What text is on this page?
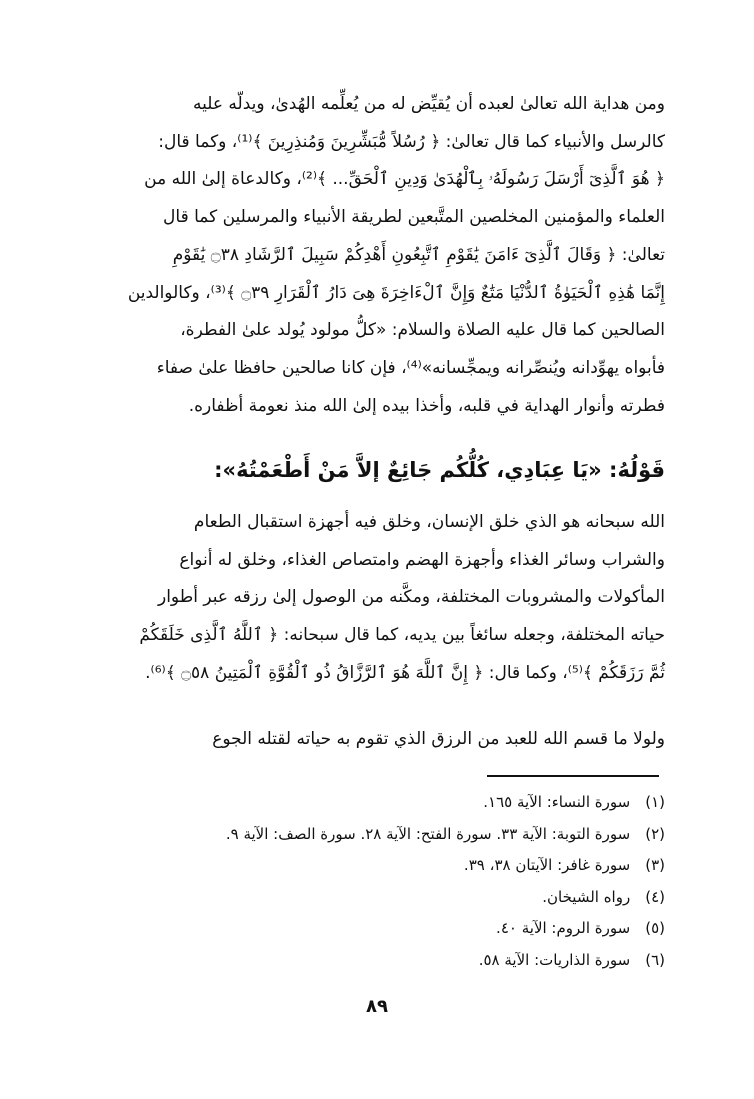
ومن هداية الله تعالىٰ لعبده أن يُقيِّض له من يُعلِّمه الهُدىٰ، ويدلّه عليه
كالرسل والأنبياء كما قال تعالىٰ: ﴿ رُسُلاً مُّبَشِّرِينَ وَمُنذِرِينَ ﴾⁽¹⁾، وكما قال:
﴿ هُوَ ٱلَّذِىٓ أَرْسَلَ رَسُولَهُۥ بِٱلْهُدَىٰ وَدِينِ ٱلْحَقِّ... ﴾⁽²⁾، وكالدعاة إلىٰ الله من
العلماء والمؤمنين المخلصين المتَّبعين لطريقة الأنبياء والمرسلين كما قال
تعالىٰ: ﴿ وَقَالَ ٱلَّذِىٓ ءَامَنَ يَٰقَوْمِ ٱتَّبِعُونِ أَهْدِكُمْ سَبِيلَ ٱلرَّشَادِ ۝٣٨ يَٰقَوْمِ
إِنَّمَا هَٰذِهِ ٱلْحَيَوٰةُ ٱلدُّنْيَا مَتَٰعٌ وَإِنَّ ٱلْءَاخِرَةَ هِىَ دَارُ ٱلْقَرَارِ ۝٣٩ ﴾⁽³⁾، وكالوالدين
الصالحين كما قال عليه الصلاة والسلام: «كلُّ مولود يُولد علىٰ الفطرة،
فأبواه يهوِّدانه ويُنصِّرانه ويمجِّسانه»⁽⁴⁾، فإن كانا صالحين حافظا علىٰ صفاء
فطرته وأنوار الهداية في قلبه، وأخذا بيده إلىٰ الله منذ نعومة أظفاره.
قَوْلُهُ: «يَا عِبَادِي، كُلُّكُم جَائِعٌ إلاَّ مَنْ أَطْعَمْتُهُ»:
الله سبحانه هو الذي خلق الإنسان، وخلق فيه أجهزة استقبال الطعام
والشراب وسائر الغذاء وأجهزة الهضم وامتصاص الغذاء، وخلق له أنواع
المأكولات والمشروبات المختلفة، ومكَّنه من الوصول إلىٰ رزقه عبر أطوار
حياته المختلفة، وجعله سائغاً بين يديه، كما قال سبحانه: ﴿ ٱللَّهُ ٱلَّذِى خَلَقَكُمْ
ثُمَّ رَزَقَكُمْ ﴾⁽⁵⁾، وكما قال: ﴿ إِنَّ ٱللَّهَ هُوَ ٱلرَّزَّاقُ ذُو ٱلْقُوَّةِ ٱلْمَتِينُ ۝٥٨ ﴾⁽⁶⁾.
ولولا ما قسم الله للعبد من الرزق الذي تقوم به حياته لقتله الجوع
(١) سورة النساء: الآية ١٦٥.
(٢) سورة التوبة: الآية ٣٣. سورة الفتح: الآية ٢٨. سورة الصف: الآية ٩.
(٣) سورة غافر: الآيتان ٣٨، ٣٩.
(٤) رواه الشيخان.
(٥) سورة الروم: الآية ٤٠.
(٦) سورة الذاريات: الآية ٥٨.
٨٩
